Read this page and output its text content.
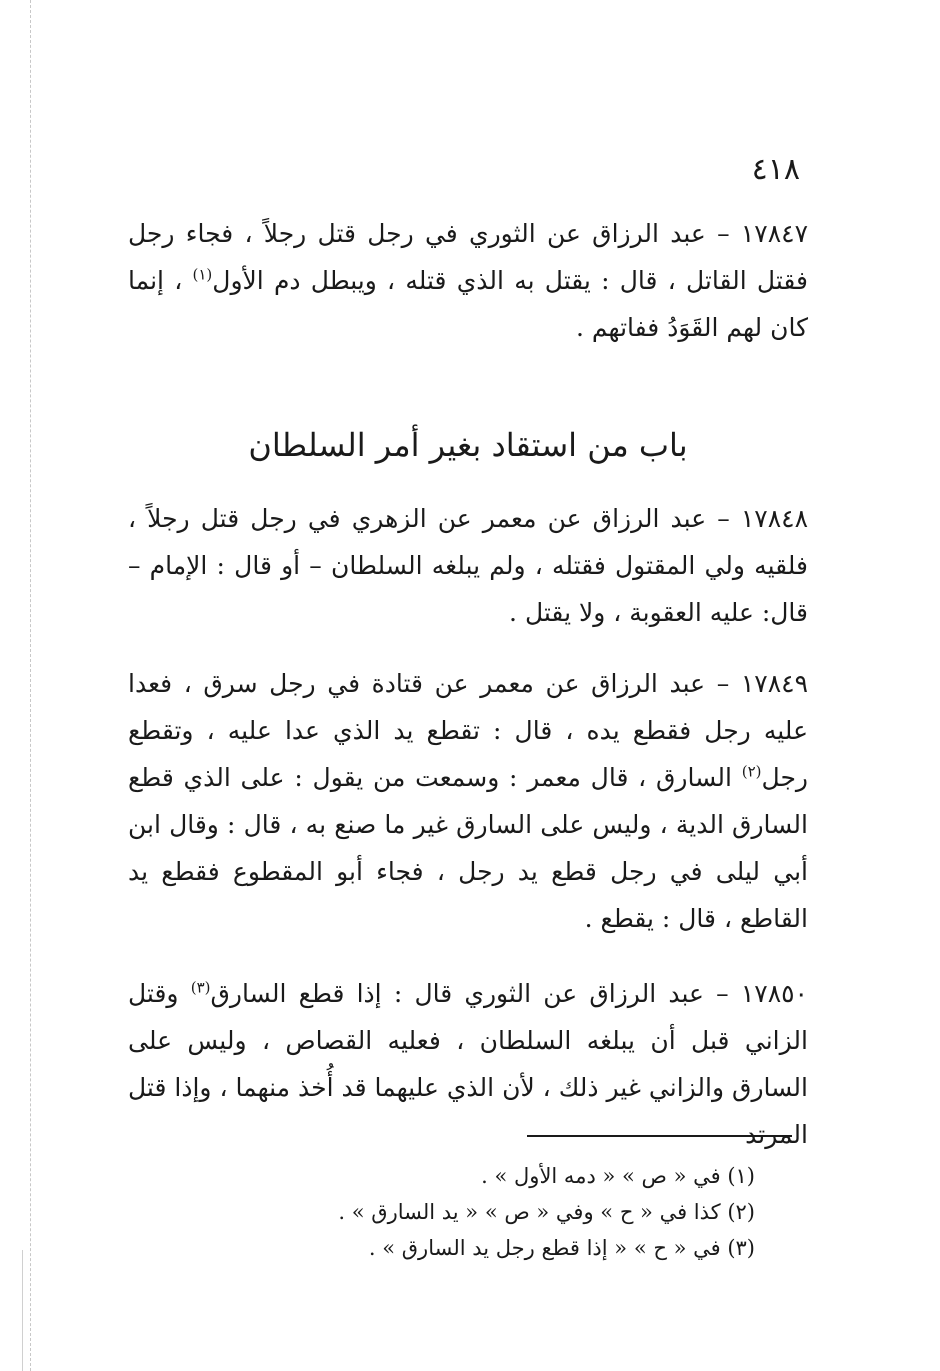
٤١٨

١٧٨٤٧ – عبد الرزاق عن الثوري في رجل قتل رجلاً ، فجاء رجل فقتل القاتل ، قال : يقتل به الذي قتله ، ويبطل دم الأول$^{(١)}$ ، إنما كان لهم القَوَدُ ففاتهم .

باب من استقاد بغير أمر السلطان

١٧٨٤٨ – عبد الرزاق عن معمر عن الزهري في رجل قتل رجلاً ، فلقيه ولي المقتول فقتله ، ولم يبلغه السلطان – أو قال : الإمام – قال: عليه العقوبة ، ولا يقتل .

١٧٨٤٩ – عبد الرزاق عن معمر عن قتادة في رجل سرق ، فعدا عليه رجل فقطع يده ، قال : تقطع يد الذي عدا عليه ، وتقطع رجل$^{(٢)}$ السارق ، قال معمر : وسمعت من يقول : على الذي قطع السارق الدية ، وليس على السارق غير ما صنع به ، قال : وقال ابن أبي ليلى في رجل قطع يد رجل ، فجاء أبو المقطوع فقطع يد القاطع ، قال : يقطع .

١٧٨٥٠ – عبد الرزاق عن الثوري قال : إذا قطع السارق$^{(٣)}$ وقتل الزاني قبل أن يبلغه السلطان ، فعليه القصاص ، وليس على السارق والزاني غير ذلك ، لأن الذي عليهما قد أُخذ منهما ، وإذا قتل المرتد

(١) في « ص » « دمه الأول » .

(٢) كذا في « ح » وفي « ص » « يد السارق » .

(٣) في « ح » « إذا قطع رجل يد السارق » .
